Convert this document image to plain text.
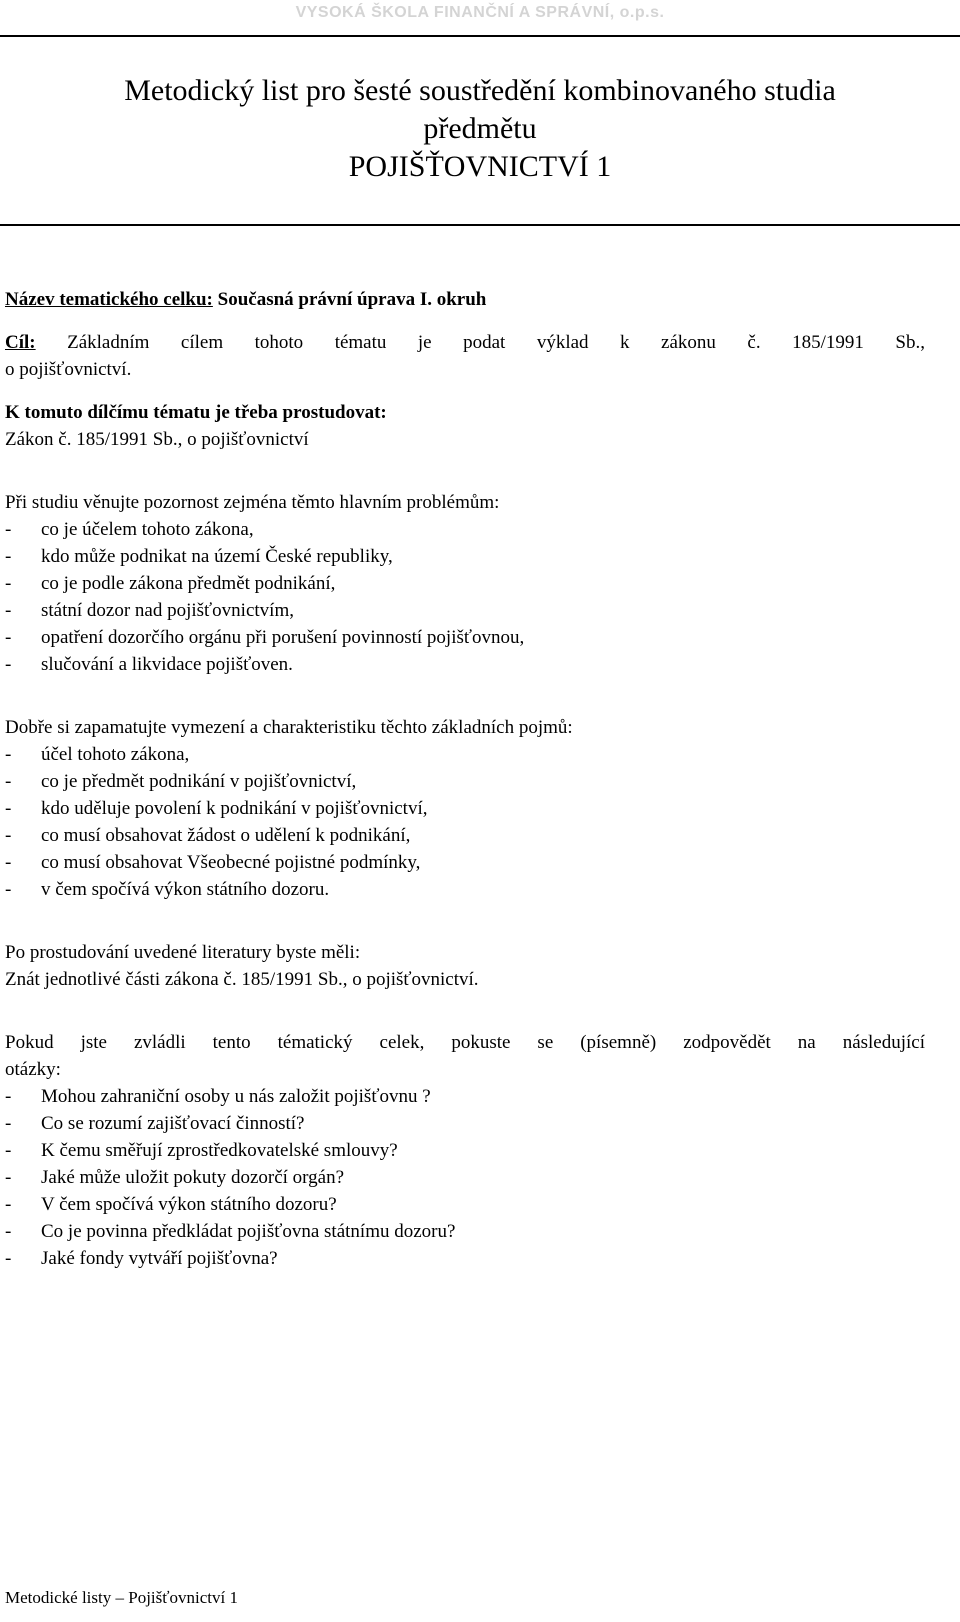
VYSOKÁ ŠKOLA FINANČNÍ A SPRÁVNÍ, o.p.s.
Metodický list pro šesté soustředění kombinovaného studia
předmětu
POJIŠŤOVNICTVÍ 1
Název tematického celku: Současná právní úprava I. okruh
Cíl: Základním cílem tohoto tématu je podat výklad k zákonu č. 185/1991 Sb.,
o pojišťovnictví.
K tomuto dílčímu tématu je třeba prostudovat:
Zákon č. 185/1991 Sb., o pojišťovnictví
Při studiu věnujte pozornost zejména těmto hlavním problémům:
-	co je účelem tohoto zákona,
-	kdo může podnikat na území České republiky,
-	co je podle zákona předmět podnikání,
-	státní dozor nad pojišťovnictvím,
-	opatření dozorčího orgánu při porušení povinností pojišťovnou,
-	slučování a likvidace pojišťoven.
Dobře si zapamatujte vymezení a charakteristiku těchto základních pojmů:
-	účel tohoto zákona,
-	co je předmět podnikání v pojišťovnictví,
-	kdo uděluje povolení k podnikání v pojišťovnictví,
-	co musí obsahovat žádost o udělení k podnikání,
-	co musí obsahovat Všeobecné pojistné podmínky,
-	v čem spočívá výkon státního dozoru.
Po prostudování uvedené literatury byste měli:
Znát jednotlivé části zákona č. 185/1991 Sb., o pojišťovnictví.
Pokud jste zvládli tento tématický celek, pokuste se (písemně) zodpovědět na následující
otázky:
-	Mohou zahraniční osoby u nás založit pojišťovnu ?
-	Co se rozumí zajišťovací činností?
-	K čemu směřují zprostředkovatelské smlouvy?
-	Jaké může uložit pokuty dozorčí orgán?
-	V čem spočívá výkon státního dozoru?
-	Co je povinna předkládat pojišťovna státnímu dozoru?
-	Jaké fondy vytváří pojišťovna?
Metodické listy – Pojišťovnictví 1
